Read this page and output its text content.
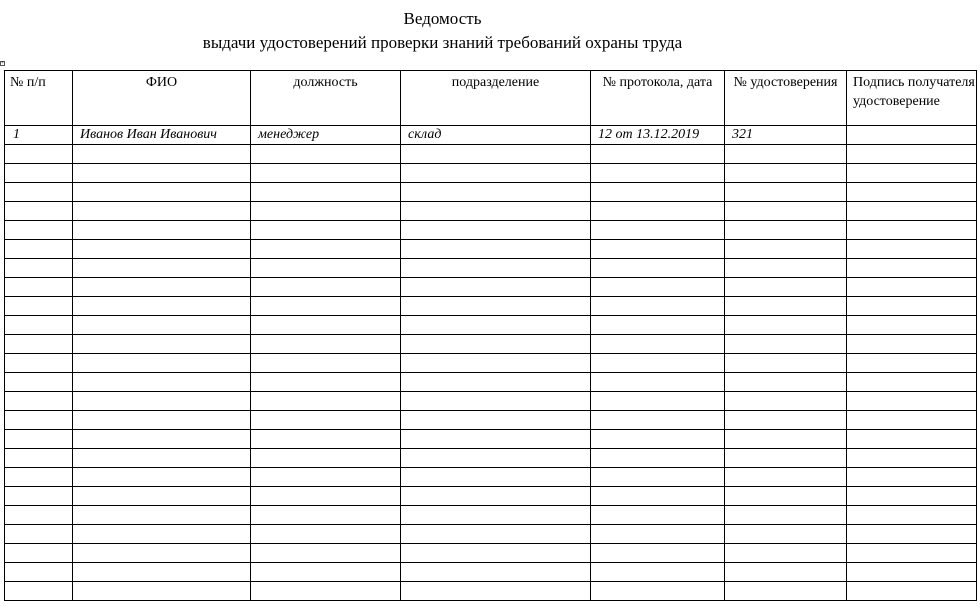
Ведомость
выдачи удостоверений проверки знаний требований охраны труда
+
№ п/п	ФИО	должность	подразделение	№ протокола, дата	№ удостоверения	Подпись получателя удостоверение
1	Иванов Иван Иванович	менеджер	склад	12 от 13.12.2019	321	
